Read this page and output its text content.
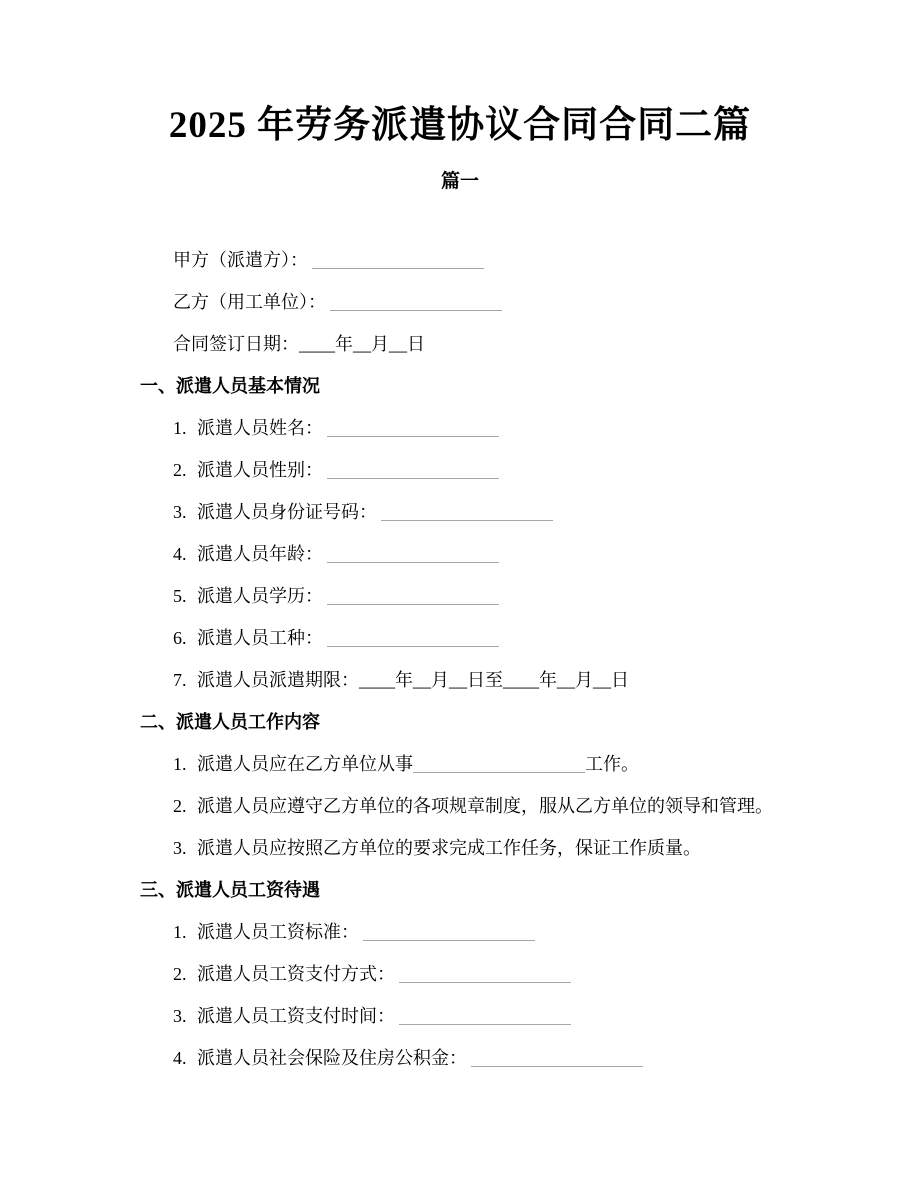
2025 年劳务派遣协议合同合同二篇
篇一
甲方（派遣方）：
乙方（用工单位）：
合同签订日期：____年__月__日
一、派遣人员基本情况
1. 派遣人员姓名：
2. 派遣人员性别：
3. 派遣人员身份证号码：
4. 派遣人员年龄：
5. 派遣人员学历：
6. 派遣人员工种：
7. 派遣人员派遣期限：____年__月__日至____年__月__日
二、派遣人员工作内容
1. 派遣人员应在乙方单位从事	工作。
2. 派遣人员应遵守乙方单位的各项规章制度，服从乙方单位的领导和管理。
3. 派遣人员应按照乙方单位的要求完成工作任务，保证工作质量。
三、派遣人员工资待遇
1. 派遣人员工资标准：
2. 派遣人员工资支付方式：
3. 派遣人员工资支付时间：
4. 派遣人员社会保险及住房公积金：
